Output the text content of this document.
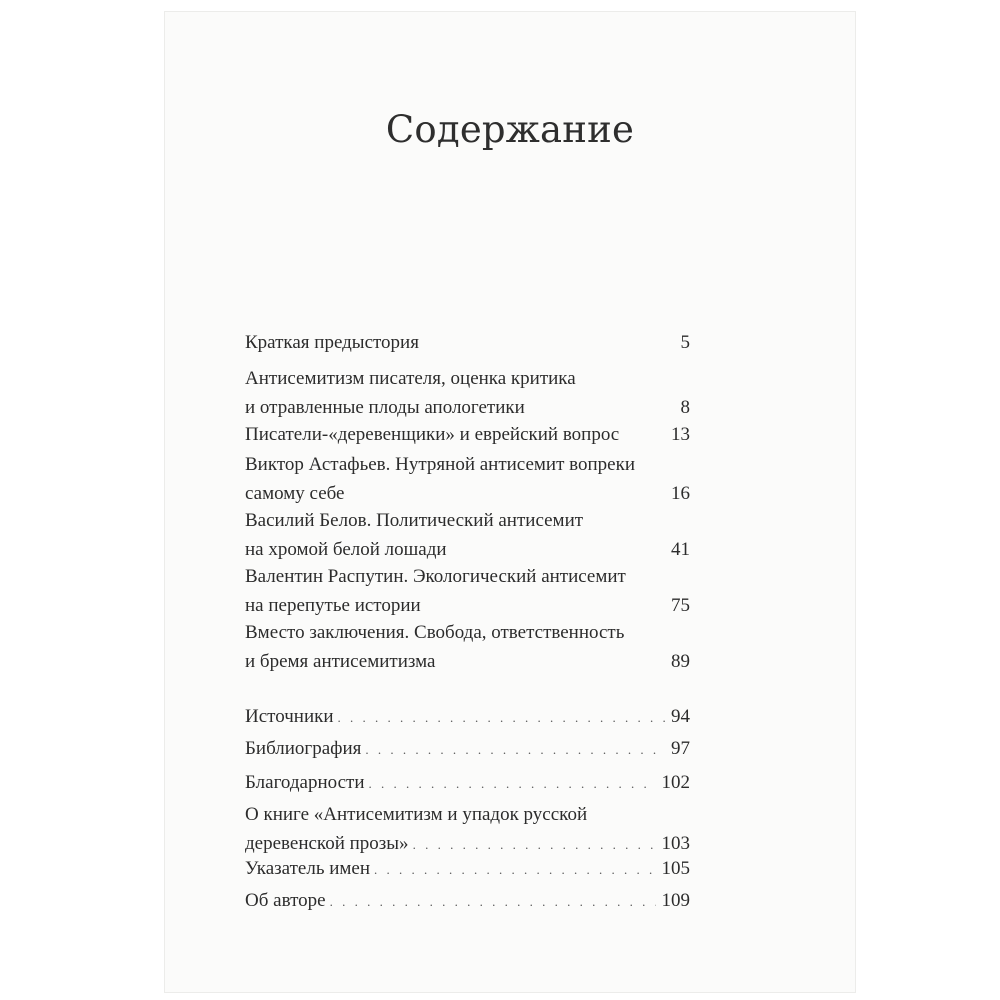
Содержание
Краткая предыстория	5
Антисемитизм писателя, оценка критика
и отравленные плоды апологетики	8
Писатели-«деревенщики» и еврейский вопрос	13
Виктор Астафьев. Нутряной антисемит вопреки
самому себе	16
Василий Белов. Политический антисемит
на хромой белой лошади	41
Валентин Распутин. Экологический антисемит
на перепутье истории	75
Вместо заключения. Свобода, ответственность
и бремя антисемитизма	89
Источники . . .	94
Библиография . . .	97
Благодарности . . .	102
О книге «Антисемитизм и упадок русской
деревенской прозы» . . .	103
Указатель имен . . .	105
Об авторе . . .	109
